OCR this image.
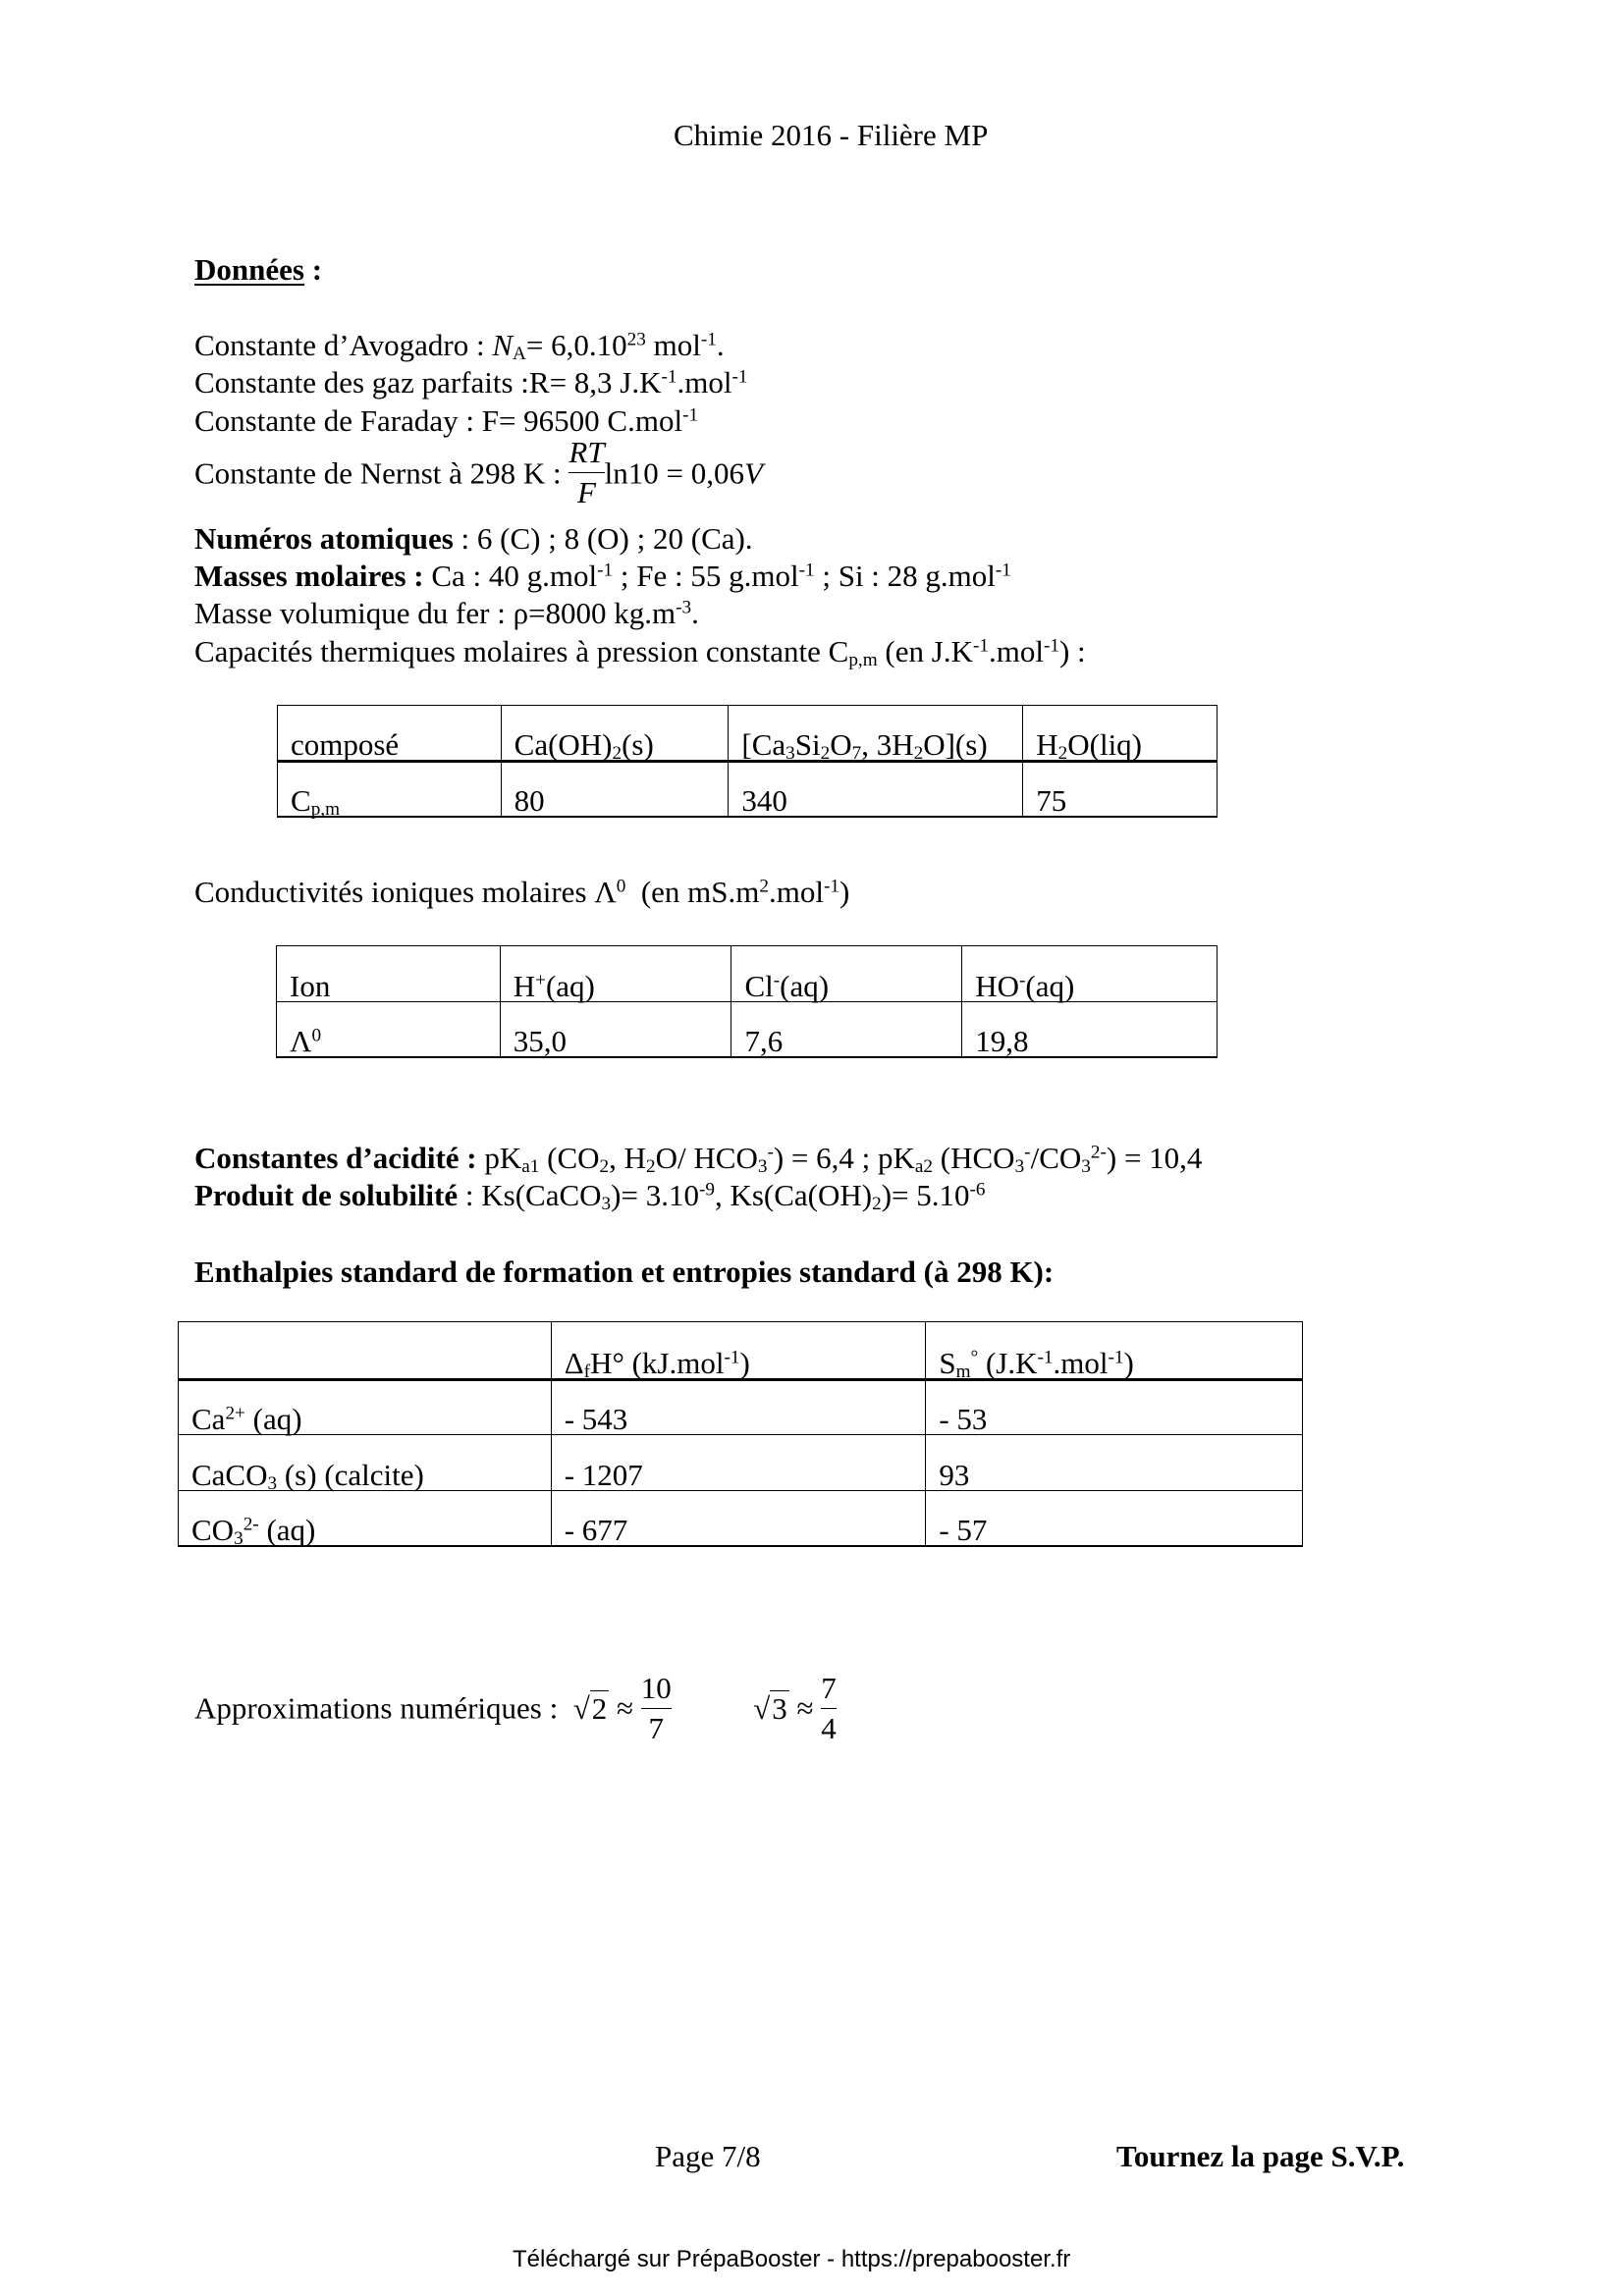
Chimie 2016 - Filière MP
Données :
Constante d’Avogadro : $N_A= 6,0.10^{23}$ mol$^{-1}$.
Constante des gaz parfaits :R= 8,3 $J.K^{-1}.mol^{-1}$
Constante de Faraday : F= 96500 C.mol$^{-1}$
Constante de Nernst à 298 K : $\frac{RT}{F} \ln 10 = 0,06V$
Numéros atomiques : 6 (C) ; 8 (O) ; 20 (Ca).
Masses molaires : Ca : 40 g.mol$^{-1}$ ; Fe : 55 g.mol$^{-1}$ ; Si : 28 g.mol$^{-1}$
Masse volumique du fer : ρ=8000 $kg.m^{-3}$.
Capacités thermiques molaires à pression constante $C_{p,m}$ (en $J.K^{-1}.mol^{-1}$) :
composé	$Ca(OH)_2(s)$	[$Ca_3Si_2O_7$, $3H_2O](s)$	$H_2O(liq)$
$C_{p,m}$	80	340	75
Conductivités ioniques molaires $\Lambda^0$  (en $mS.m^2.mol^{-1}$)
Ion	H+(aq)	Cl-(aq)	HO-(aq)
$\Lambda^0$	35,0	7,6	19,8
Constantes d’acidité : $pK_{a1}$ ($CO_2$, $H_2O/$ $HCO_3^-) = 6,4$ ; $pK_{a2}$ $(HCO_3^-/CO_3^{2-}) = 10,4$
Produit de solubilité : Ks(CaCO$_3$)= $3.10^{-9}$, $Ks(Ca(OH)_2)= 5.10^{-6}$
Enthalpies standard de formation et entropies standard (à 298 K):
	$\Delta_fH^\circ$ (kJ.mol$^{-1}$)	$S_m^\circ$ $(J.K^{-1}.mol^{-1})$
$Ca^{2+}$ (aq)	- 543	- 53
CaCO$_3$ (s) (calcite)	- 1207	93
$CO_3^{2-}$ (aq)	- 677	- 57
Approximations numériques :  $√2 \approx \frac{10}{7}$	$√3 \approx \frac{7}{4}$
Page 7/8	Tournez la page S.V.P.
Téléchargé sur PrépaBooster - https://prepabooster.fr
